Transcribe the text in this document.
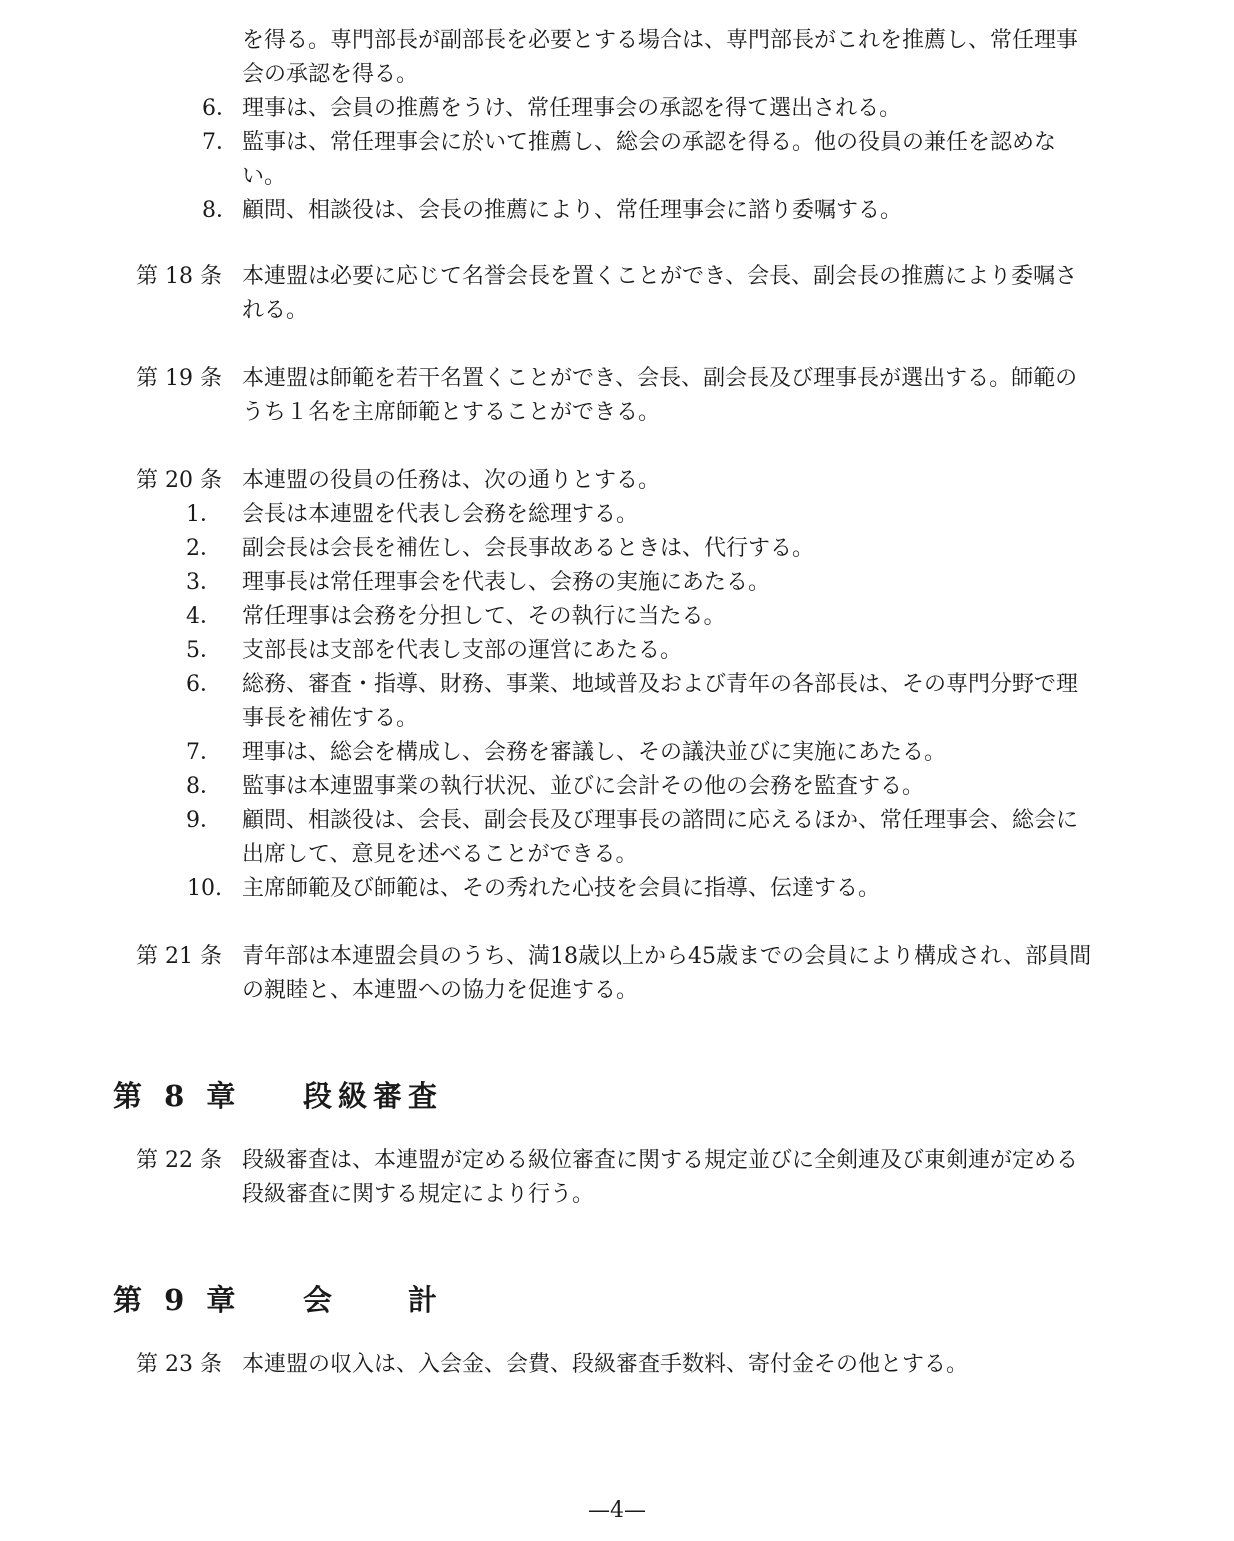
を得る。専門部長が副部長を必要とする場合は、専門部長がこれを推薦し、常任理事
会の承認を得る。
6． 理事は、会員の推薦をうけ、常任理事会の承認を得て選出される。
7． 監事は、常任理事会に於いて推薦し、総会の承認を得る。他の役員の兼任を認めな
い。
8． 顧問、相談役は、会長の推薦により、常任理事会に諮り委嘱する。
第 18 条 本連盟は必要に応じて名誉会長を置くことができ、会長、副会長の推薦により委嘱さ
れる。
第 19 条 本連盟は師範を若干名置くことができ、会長、副会長及び理事長が選出する。師範の
うち１名を主席師範とすることができる。
第 20 条 本連盟の役員の任務は、次の通りとする。
1． 会長は本連盟を代表し会務を総理する。
2． 副会長は会長を補佐し、会長事故あるときは、代行する。
3． 理事長は常任理事会を代表し、会務の実施にあたる。
4． 常任理事は会務を分担して、その執行に当たる。
5． 支部長は支部を代表し支部の運営にあたる。
6． 総務、審査・指導、財務、事業、地域普及および青年の各部長は、その専門分野で理
事長を補佐する。
7． 理事は、総会を構成し、会務を審議し、その議決並びに実施にあたる。
8． 監事は本連盟事業の執行状況、並びに会計その他の会務を監査する。
9． 顧問、相談役は、会長、副会長及び理事長の諮問に応えるほか、常任理事会、総会に
出席して、意見を述べることができる。
10. 主席師範及び師範は、その秀れた心技を会員に指導、伝達する。
第 21 条 青年部は本連盟会員のうち、満18歳以上から45歳までの会員により構成され、部員間
の親睦と、本連盟への協力を促進する。
第 8 章 段級審査
第 22 条 段級審査は、本連盟が定める級位審査に関する規定並びに全剣連及び東剣連が定める
段級審査に関する規定により行う。
第 9 章 会　　計
第 23 条 本連盟の収入は、入会金、会費、段級審査手数料、寄付金その他とする。
—4—
